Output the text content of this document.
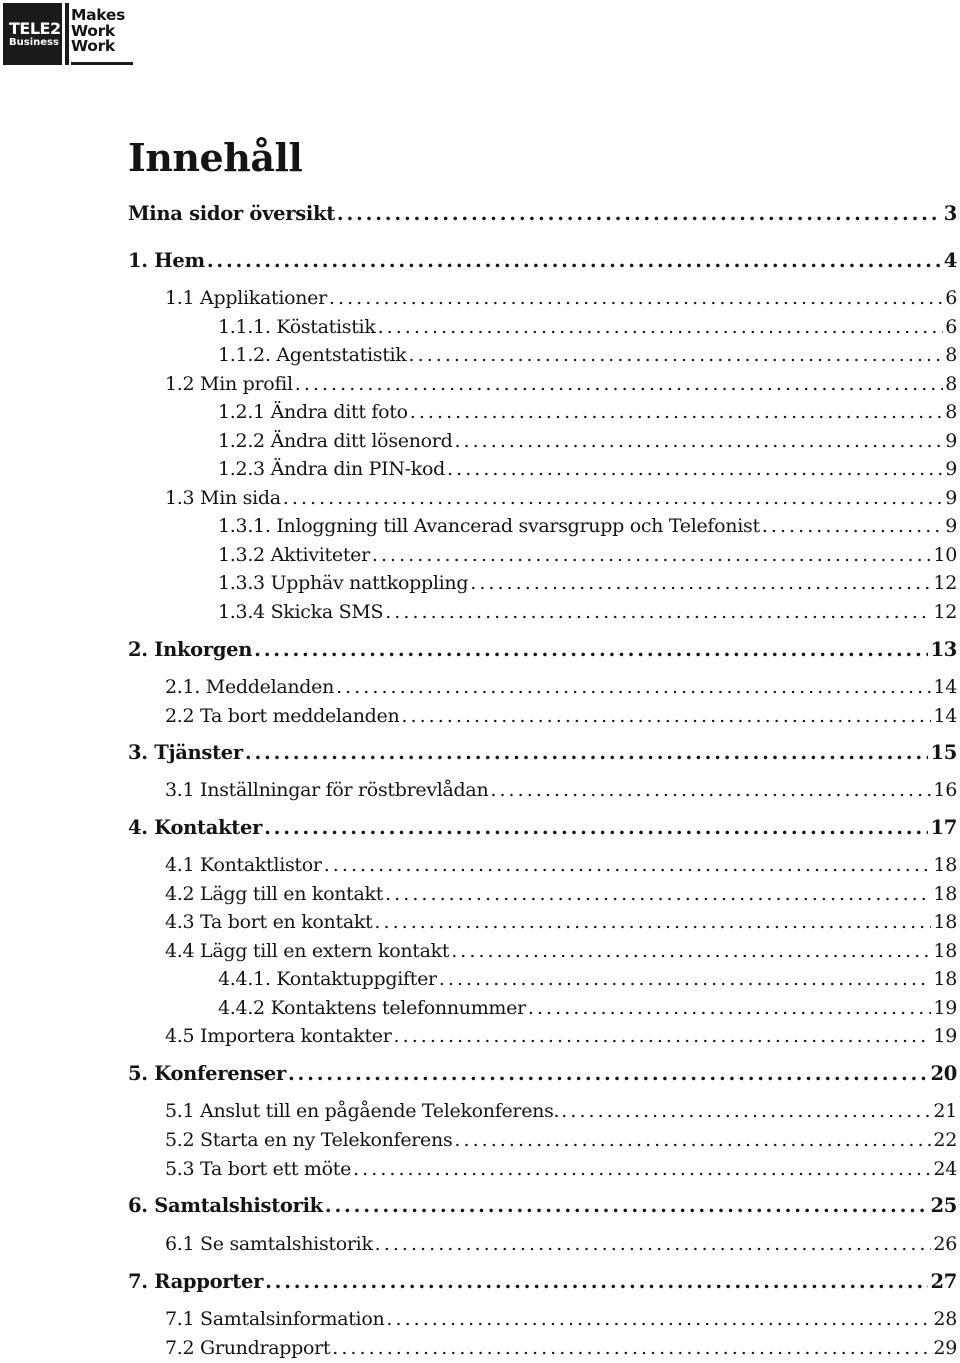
TELE2
Business
Makes
Work
Work
Innehåll
Mina sidor översikt . . .	3
1. Hem . . .	4
1.1 Applikationer . . .	6
1.1.1. Köstatistik . . .	6
1.1.2. Agentstatistik . . .	8
1.2 Min profil . . .	8
1.2.1 Ändra ditt foto . . .	8
1.2.2 Ändra ditt lösenord . . .	9
1.2.3 Ändra din PIN-kod . . .	9
1.3 Min sida . . .	9
1.3.1. Inloggning till Avancerad svarsgrupp och Telefonist . . .	9
1.3.2 Aktiviteter . . .	10
1.3.3 Upphäv nattkoppling . . .	12
1.3.4 Skicka SMS . . .	12
2. Inkorgen . . .	13
2.1. Meddelanden . . .	14
2.2 Ta bort meddelanden . . .	14
3. Tjänster . . .	15
3.1 Inställningar för röstbrevlådan . . .	16
4. Kontakter . . .	17
4.1 Kontaktlistor . . .	18
4.2 Lägg till en kontakt . . .	18
4.3 Ta bort en kontakt . . .	18
4.4 Lägg till en extern kontakt . . .	18
4.4.1. Kontaktuppgifter . . .	18
4.4.2 Kontaktens telefonnummer . . .	19
4.5 Importera kontakter . . .	19
5. Konferenser . . .	20
5.1 Anslut till en pågående Telekonferens. . . .	21
5.2 Starta en ny Telekonferens . . .	22
5.3 Ta bort ett möte . . .	24
6. Samtalshistorik . . .	25
6.1 Se samtalshistorik . . .	26
7. Rapporter . . .	27
7.1 Samtalsinformation . . .	28
7.2 Grundrapport . . .	29
